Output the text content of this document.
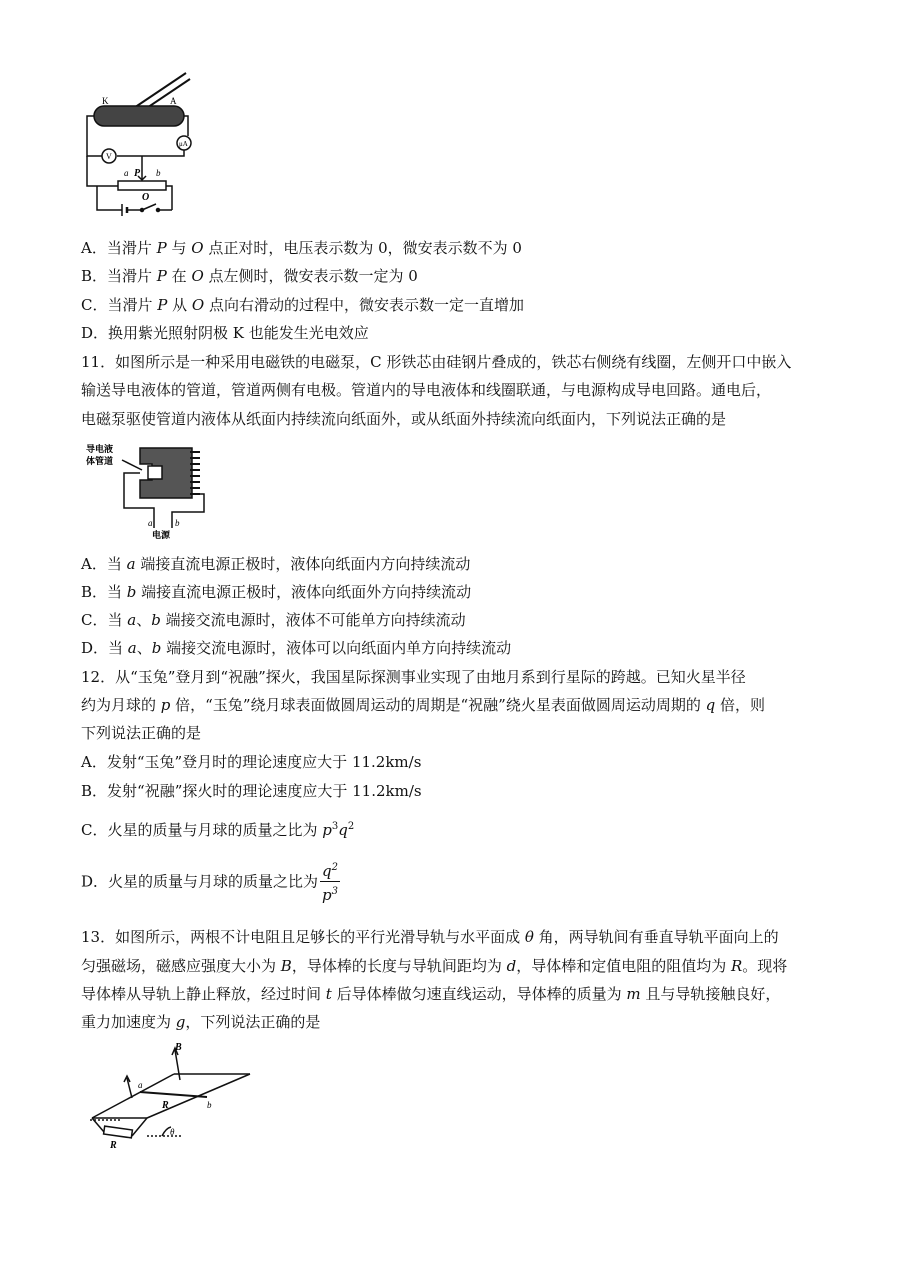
K	A
μA
V
a P b
O
A．当滑片 P 与 O 点正对时，电压表示数为 0，微安表示数不为 0
B．当滑片 P 在 O 点左侧时，微安表示数一定为 0
C．当滑片 P 从 O 点向右滑动的过程中，微安表示数一定一直增加
D．换用紫光照射阴极 K 也能发生光电效应
11．如图所示是一种采用电磁铁的电磁泵，C 形铁芯由硅钢片叠成的，铁芯右侧绕有线圈，左侧开口中嵌入
输送导电液体的管道，管道两侧有电极。管道内的导电液体和线圈联通，与电源构成导电回路。通电后，
电磁泵驱使管道内液体从纸面内持续流向纸面外，或从纸面外持续流向纸面内，下列说法正确的是
导电液
体管道
a	b
电源
A．当 a 端接直流电源正极时，液体向纸面内方向持续流动
B．当 b 端接直流电源正极时，液体向纸面外方向持续流动
C．当 a、b 端接交流电源时，液体不可能单方向持续流动
D．当 a、b 端接交流电源时，液体可以向纸面内单方向持续流动
12．从“玉兔”登月到“祝融”探火，我国星际探测事业实现了由地月系到行星际的跨越。已知火星半径
约为月球的 p 倍，“玉兔”绕月球表面做圆周运动的周期是“祝融”绕火星表面做圆周运动周期的 q 倍，则
下列说法正确的是
A．发射“玉兔”登月时的理论速度应大于 11.2km/s
B．发射“祝融”探火时的理论速度应大于 11.2km/s
C．火星的质量与月球的质量之比为 $p^3q^2$
D．火星的质量与月球的质量之比为 $\frac{q^2}{p^3}$
13．如图所示，两根不计电阻且足够长的平行光滑导轨与水平面成 θ 角，两导轨间有垂直导轨平面向上的
匀强磁场，磁感应强度大小为 B，导体棒的长度与导轨间距均为 d，导体棒和定值电阻的阻值均为 R。现将
导体棒从导轨上静止释放，经过时间 t 后导体棒做匀速直线运动，导体棒的质量为 m 且与导轨接触良好，
重力加速度为 g，下列说法正确的是
B
a
R	b
R
θ
